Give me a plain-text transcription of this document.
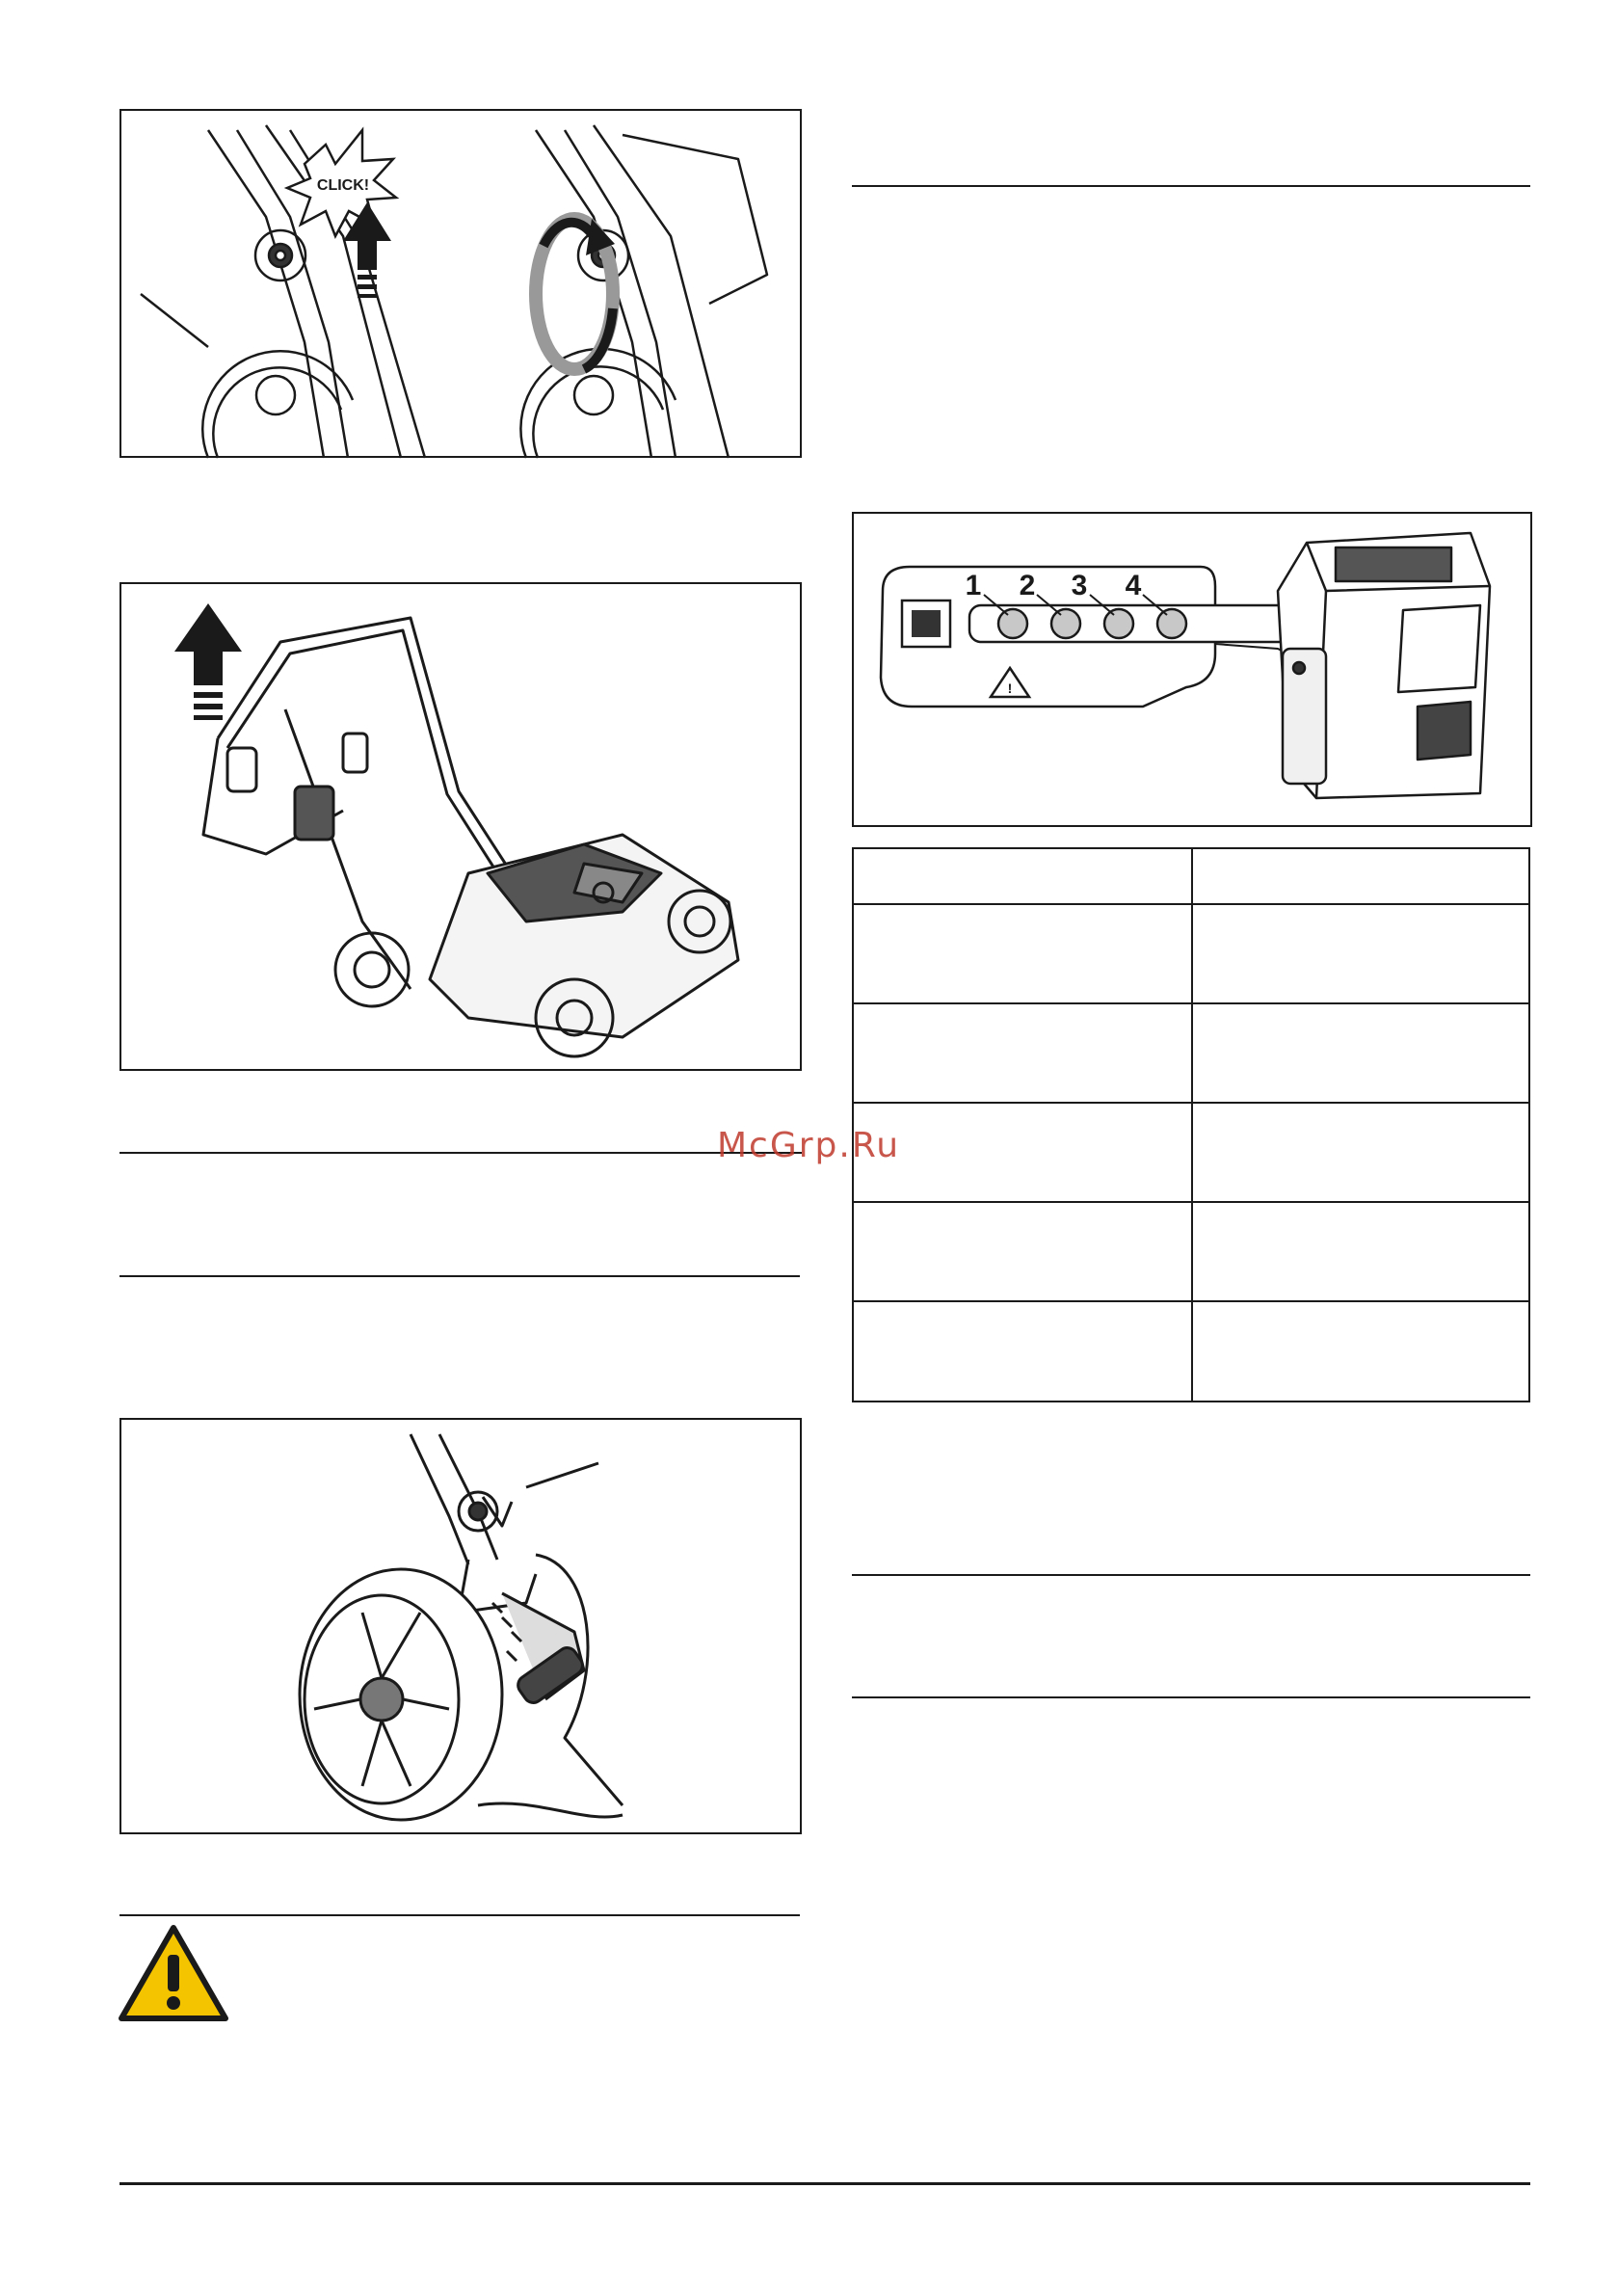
CLICK!
!
1 2 3 4

McGrp.Ru
